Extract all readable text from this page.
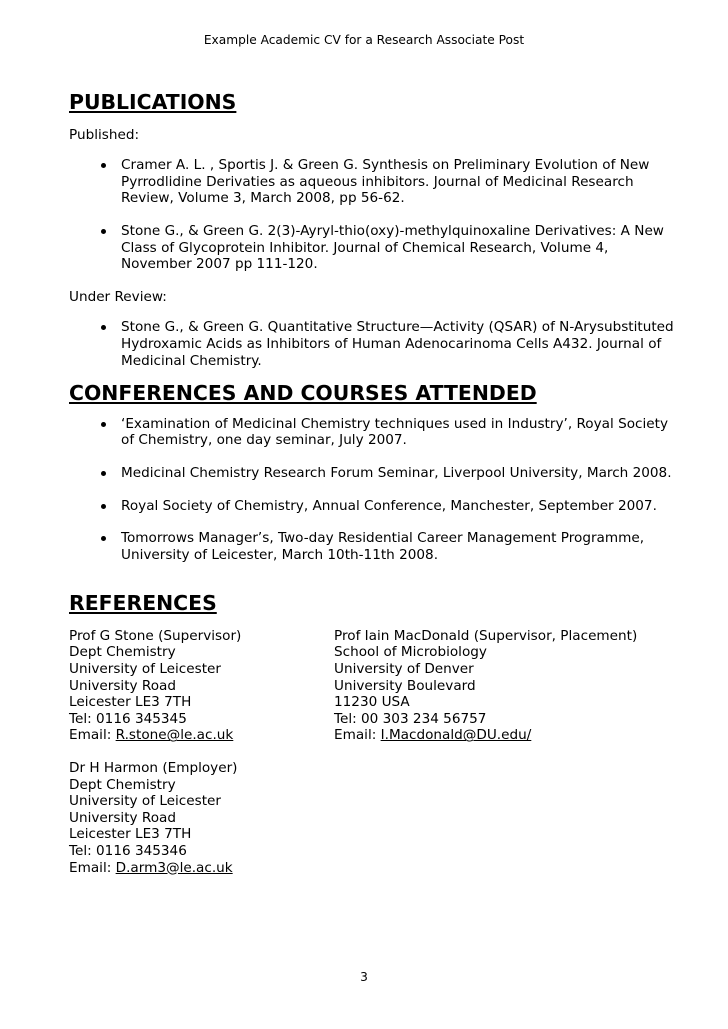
Example Academic CV for a Research Associate Post
PUBLICATIONS

Published:

Cramer A. L. , Sportis J. & Green G. Synthesis on Preliminary Evolution of New Pyrrodlidine Derivaties as aqueous inhibitors. Journal of Medicinal Research Review, Volume 3, March 2008, pp 56-62.
Stone G., & Green G. 2(3)-Ayryl-thio(oxy)-methylquinoxaline Derivatives: A New Class of Glycoprotein Inhibitor. Journal of Chemical Research, Volume 4, November 2007 pp 111-120.

Under Review:

Stone G., & Green G. Quantitative Structure—Activity (QSAR) of N-Arysubstituted Hydroxamic Acids as Inhibitors of Human Adenocarinoma Cells A432. Journal of Medicinal Chemistry.
CONFERENCES AND COURSES ATTENDED
‘Examination of Medicinal Chemistry techniques used in Industry’, Royal Society of Chemistry, one day seminar, July 2007.
Medicinal Chemistry Research Forum Seminar, Liverpool University, March 2008.
Royal Society of Chemistry, Annual Conference, Manchester, September 2007.
Tomorrows Manager’s, Two-day Residential Career Management Programme, University of Leicester, March 10th-11th 2008.
REFERENCES
Prof G Stone (Supervisor)
Dept Chemistry
University of Leicester
University Road
Leicester LE3 7TH
Tel: 0116 345345
Email: R.stone@le.ac.uk
Dr H Harmon (Employer)
Dept Chemistry
University of Leicester
University Road
Leicester LE3 7TH
Tel: 0116 345346
Email: D.arm3@le.ac.uk
Prof Iain MacDonald (Supervisor, Placement)
School of Microbiology
University of Denver
University Boulevard
11230 USA
Tel: 00 303 234 56757
Email: I.Macdonald@DU.edu/
3
